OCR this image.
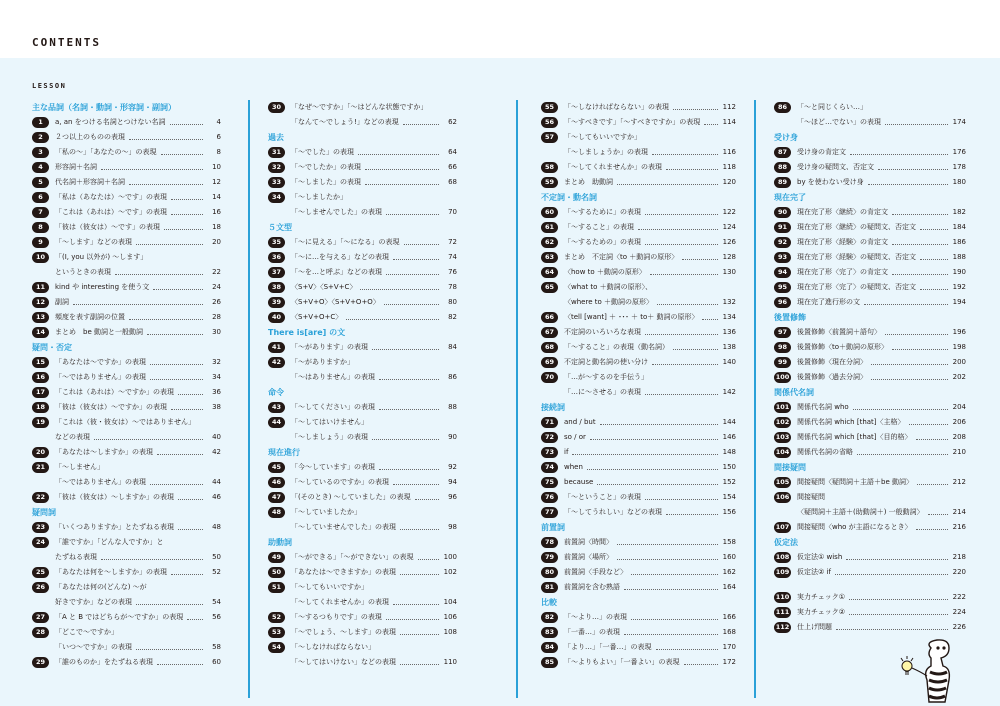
CONTENTS
LESSON
主な品詞（名詞・動詞・形容詞・副詞）
1	a, an をつける名詞とつけない名詞	4
2	２つ以上のものの表現	6
3	「私の〜」「あなたの〜」の表現	8
4	形容詞＋名詞	10
5	代名詞＋形容詞＋名詞	12
6	「私は（あなたは）〜です」の表現	14
7	「これは（あれは）〜です」の表現	16
8	「彼は（彼女は）〜です」の表現	18
9	「〜します」などの表現	20
10	「(I, you 以外が) 〜します」
というときの表現	22
11	kind や interesting を使う文	24
12	副詞	26
13	頻度を表す副詞の位置	28
14	まとめ　be 動詞と一般動詞	30
疑問・否定
15	「あなたは〜ですか」の表現	32
16	「〜ではありません」の表現	34
17	「これは（あれは）〜ですか」の表現	36
18	「彼は（彼女は）〜ですか」の表現	38
19	「これは（彼・彼女は）〜ではありません」
などの表現	40
20	「あなたは〜しますか」の表現	42
21	「〜しません」
「〜ではありません」の表現	44
22	「彼は（彼女は）〜しますか」の表現	46
疑問詞
23	「いくつありますか」とたずねる表現	48
24	「誰ですか」「どんな人ですか」と
たずねる表現	50
25	「あなたは何を〜しますか」の表現	52
26	「あなたは何の(どんな) 〜が
好きですか」などの表現	54
27	「A と B ではどちらが〜ですか」の表現	56
28	「どこで〜ですか」
「いつ〜ですか」の表現	58
29	「誰のものか」をたずねる表現	60
30	「なぜ〜ですか」「〜はどんな状態ですか」
「なんて〜でしょう!」などの表現	62
過去
31	「〜でした」の表現	64
32	「〜でしたか」の表現	66
33	「〜しました」の表現	68
34	「〜しましたか」
「〜しませんでした」の表現	70
５文型
35	「〜に見える」「〜になる」の表現	72
36	「〜に…を与える」などの表現	74
37	「〜を…と呼ぶ」などの表現	76
38	〈S+V〉〈S+V+C〉	78
39	〈S+V+O〉〈S+V+O+O〉	80
40	〈S+V+O+C〉	82
There is[are] の文
41	「〜があります」の表現	84
42	「〜がありますか」
「〜はありません」の表現	86
命令
43	「〜してください」の表現	88
44	「〜してはいけません」
「〜しましょう」の表現	90
現在進行
45	「今〜しています」の表現	92
46	「〜しているのですか」の表現	94
47	「(そのとき) 〜していました」の表現	96
48	「〜していましたか」
「〜していませんでした」の表現	98
助動詞
49	「〜ができる」「〜ができない」の表現	100
50	「あなたは〜できますか」の表現	102
51	「〜してもいいですか」
「〜してくれませんか」の表現	104
52	「〜するつもりです」の表現	106
53	「〜でしょう、〜します」の表現	108
54	「〜しなければならない」
「〜してはいけない」などの表現	110
55	「〜しなければならない」の表現	112
56	「〜すべきです」「〜すべきですか」の表現	114
57	「〜してもいいですか」
「〜しましょうか」の表現	116
58	「〜してくれませんか」の表現	118
59	まとめ　助動詞	120
不定詞・動名詞
60	「〜するために」の表現	122
61	「〜すること」の表現	124
62	「〜するための」の表現	126
63	まとめ　不定詞〈to ＋動詞の原形〉	128
64	〈how to ＋動詞の原形〉	130
65	〈what to ＋動詞の原形〉、
〈where to ＋動詞の原形〉	132
66	〈tell [want] ＋ ･･･ ＋ to＋ 動詞の原形〉	134
67	不定詞のいろいろな表現	136
68	「〜すること」の表現（動名詞）	138
69	不定詞と動名詞の使い分け	140
70	「…が〜するのを手伝う」
「…に〜させる」の表現	142
接続詞
71	and / but	144
72	so / or	146
73	if	148
74	when	150
75	because	152
76	「〜ということ」の表現	154
77	「〜してうれしい」などの表現	156
前置詞
78	前置詞〈時間〉	158
79	前置詞〈場所〉	160
80	前置詞〈手段など〉	162
81	前置詞を含む熟語	164
比較
82	「〜より…」の表現	166
83	「一番…」の表現	168
84	「より…」「一番…」の表現	170
85	「〜よりもよい」「一番よい」の表現	172
86	「〜と同じくらい…」
「〜ほど…でない」の表現	174
受け身
87	受け身の肯定文	176
88	受け身の疑問文、否定文	178
89	by を使わない受け身	180
現在完了
90	現在完了形〈継続〉の肯定文	182
91	現在完了形〈継続〉の疑問文、否定文	184
92	現在完了形〈経験〉の肯定文	186
93	現在完了形〈経験〉の疑問文、否定文	188
94	現在完了形〈完了〉の肯定文	190
95	現在完了形〈完了〉の疑問文、否定文	192
96	現在完了進行形の文	194
後置修飾
97	後置修飾〈前置詞＋語句〉	196
98	後置修飾〈to＋動詞の原形〉	198
99	後置修飾〈現在分詞〉	200
100 後置修飾〈過去分詞〉	202
関係代名詞
101 関係代名詞 who	204
102 関係代名詞 which [that]〈主格〉	206
103 関係代名詞 which [that]〈目的格〉	208
104 関係代名詞の省略	210
間接疑問
105 間接疑問〈疑問詞＋主語＋be 動詞〉	212
106 間接疑問
〈疑問詞＋主語＋(助動詞＋) 一般動詞〉	214
107 間接疑問〈who が主語になるとき〉	216
仮定法
108 仮定法① wish	218
109 仮定法② if	220
110 実力チェック①	222
111 実力チェック②	224
112 仕上げ問題	226
